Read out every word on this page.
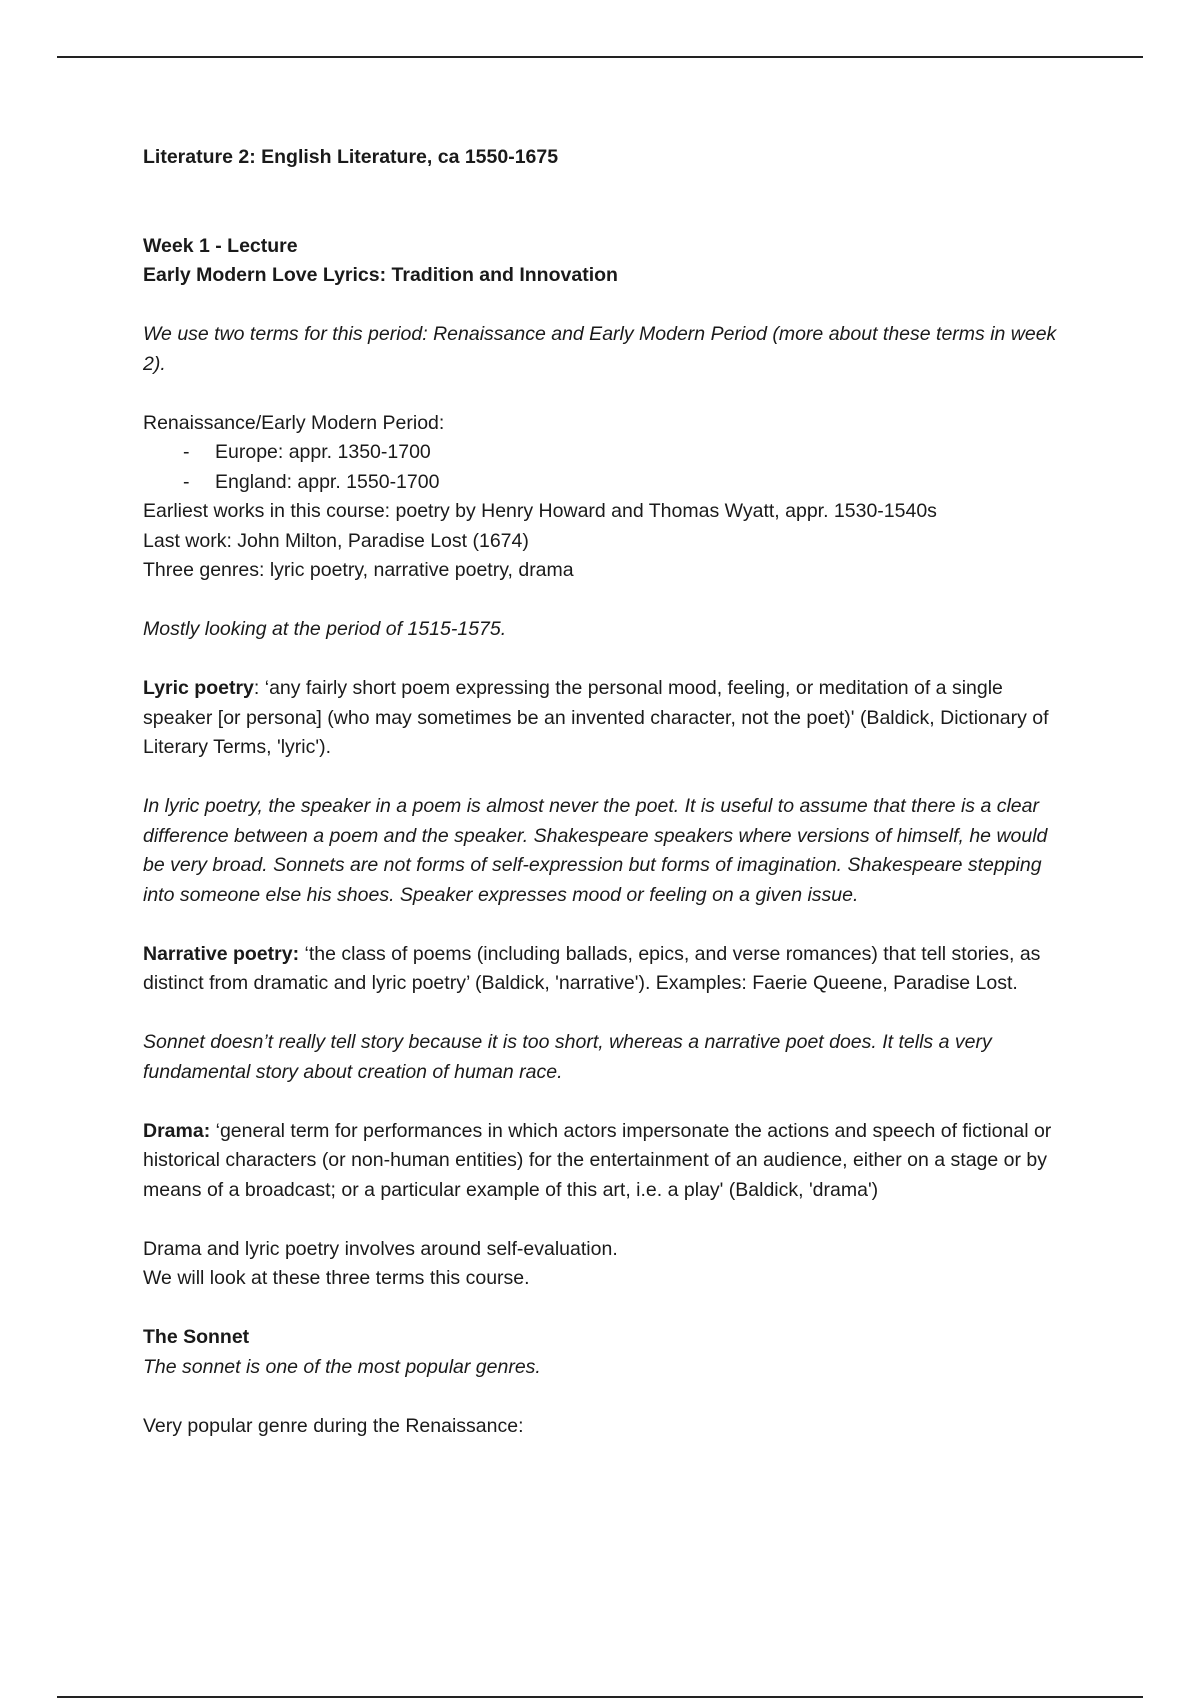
Literature 2: English Literature, ca 1550-1675

Week 1 - Lecture

Early Modern Love Lyrics: Tradition and Innovation

We use two terms for this period: Renaissance and Early Modern Period (more about these terms in week 2).

Renaissance/Early Modern Period:

- Europe: appr. 1350-1700
- England: appr. 1550-1700

Earliest works in this course: poetry by Henry Howard and Thomas Wyatt, appr. 1530-1540s

Last work: John Milton, Paradise Lost (1674)

Three genres: lyric poetry, narrative poetry, drama

Mostly looking at the period of 1515-1575.

Lyric poetry: ‘any fairly short poem expressing the personal mood, feeling, or meditation of a single speaker [or persona] (who may sometimes be an invented character, not the poet)' (Baldick, Dictionary of Literary Terms, 'lyric').

In lyric poetry, the speaker in a poem is almost never the poet. It is useful to assume that there is a clear difference between a poem and the speaker. Shakespeare speakers where versions of himself, he would be very broad. Sonnets are not forms of self-expression but forms of imagination. Shakespeare stepping into someone else his shoes. Speaker expresses mood or feeling on a given issue.

Narrative poetry: ‘the class of poems (including ballads, epics, and verse romances) that tell stories, as distinct from dramatic and lyric poetry’ (Baldick, 'narrative'). Examples: Faerie Queene, Paradise Lost.

Sonnet doesn’t really tell story because it is too short, whereas a narrative poet does. It tells a very fundamental story about creation of human race.

Drama: ‘general term for performances in which actors impersonate the actions and speech of fictional or historical characters (or non-human entities) for the entertainment of an audience, either on a stage or by means of a broadcast; or a particular example of this art, i.e. a play' (Baldick, 'drama')

Drama and lyric poetry involves around self-evaluation.

We will look at these three terms this course.

The Sonnet

The sonnet is one of the most popular genres.

Very popular genre during the Renaissance:
